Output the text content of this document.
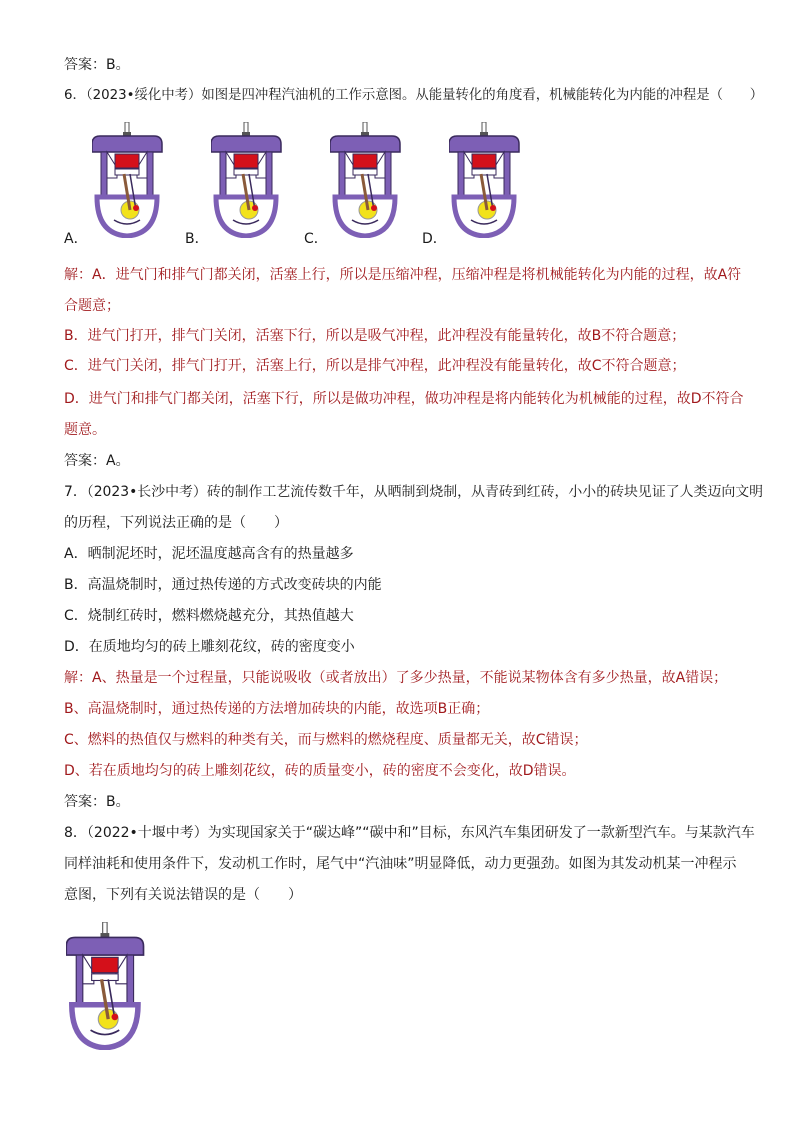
答案：B。
6．（2023•绥化中考）如图是四冲程汽油机的工作示意图。从能量转化的角度看，机械能转化为内能的冲程是（　　）
A．	B．	C．	D．
解：A．进气门和排气门都关闭，活塞上行，所以是压缩冲程，压缩冲程是将机械能转化为内能的过程，故A符
合题意；
B．进气门打开，排气门关闭，活塞下行，所以是吸气冲程，此冲程没有能量转化，故B不符合题意；
C．进气门关闭，排气门打开，活塞上行，所以是排气冲程，此冲程没有能量转化，故C不符合题意；
D．进气门和排气门都关闭，活塞下行，所以是做功冲程，做功冲程是将内能转化为机械能的过程，故D不符合
题意。
答案：A。
7．（2023•长沙中考）砖的制作工艺流传数千年，从晒制到烧制，从青砖到红砖，小小的砖块见证了人类迈向文明
的历程，下列说法正确的是（　　）
A．晒制泥坯时，泥坯温度越高含有的热量越多
B．高温烧制时，通过热传递的方式改变砖块的内能
C．烧制红砖时，燃料燃烧越充分，其热值越大
D．在质地均匀的砖上雕刻花纹，砖的密度变小
解：A、热量是一个过程量，只能说吸收（或者放出）了多少热量，不能说某物体含有多少热量，故A错误；
B、高温烧制时，通过热传递的方法增加砖块的内能，故选项B正确；
C、燃料的热值仅与燃料的种类有关，而与燃料的燃烧程度、质量都无关，故C错误；
D、若在质地均匀的砖上雕刻花纹，砖的质量变小，砖的密度不会变化，故D错误。
答案：B。
8．（2022•十堰中考）为实现国家关于“碳达峰”“碳中和”目标，东风汽车集团研发了一款新型汽车。与某款汽车
同样油耗和使用条件下，发动机工作时，尾气中“汽油味”明显降低，动力更强劲。如图为其发动机某一冲程示
意图，下列有关说法错误的是（　　）
